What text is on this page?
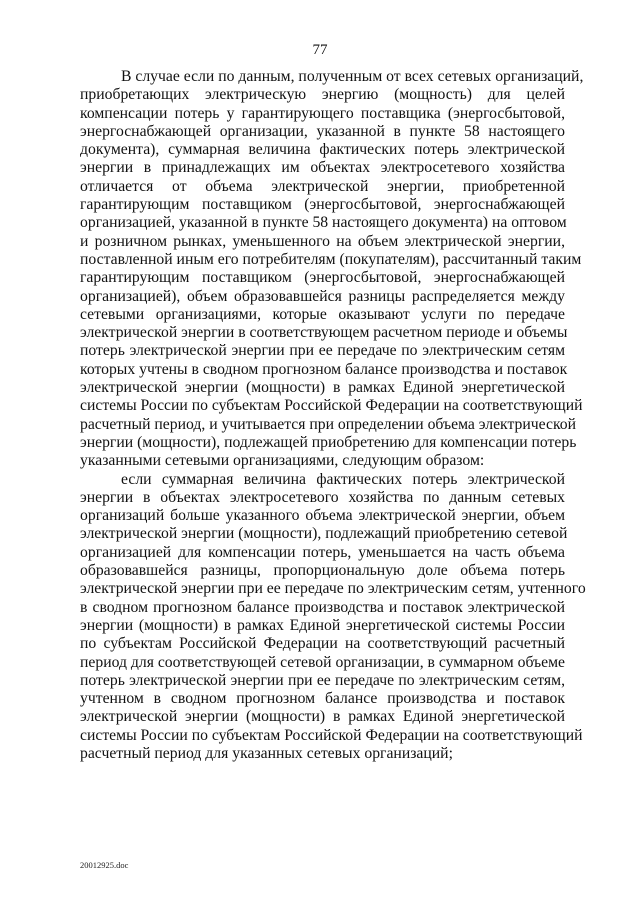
77

В случае если по данным, полученным от всех сетевых организаций,
приобретающих электрическую энергию (мощность) для целей
компенсации потерь у гарантирующего поставщика (энергосбытовой,
энергоснабжающей организации, указанной в пункте 58 настоящего
документа), суммарная величина фактических потерь электрической
энергии в принадлежащих им объектах электросетевого хозяйства
отличается от объема электрической энергии, приобретенной
гарантирующим поставщиком (энергосбытовой, энергоснабжающей
организацией, указанной в пункте 58 настоящего документа) на оптовом
и розничном рынках, уменьшенного на объем электрической энергии,
поставленной иным его потребителям (покупателям), рассчитанный таким
гарантирующим поставщиком (энергосбытовой, энергоснабжающей
организацией), объем образовавшейся разницы распределяется между
сетевыми организациями, которые оказывают услуги по передаче
электрической энергии в соответствующем расчетном периоде и объемы
потерь электрической энергии при ее передаче по электрическим сетям
которых учтены в сводном прогнозном балансе производства и поставок
электрической энергии (мощности) в рамках Единой энергетической
системы России по субъектам Российской Федерации на соответствующий
расчетный период, и учитывается при определении объема электрической
энергии (мощности), подлежащей приобретению для компенсации потерь
указанными сетевыми организациями, следующим образом:

если суммарная величина фактических потерь электрической
энергии в объектах электросетевого хозяйства по данным сетевых
организаций больше указанного объема электрической энергии, объем
электрической энергии (мощности), подлежащий приобретению сетевой
организацией для компенсации потерь, уменьшается на часть объема
образовавшейся разницы, пропорциональную доле объема потерь
электрической энергии при ее передаче по электрическим сетям, учтенного
в сводном прогнозном балансе производства и поставок электрической
энергии (мощности) в рамках Единой энергетической системы России
по субъектам Российской Федерации на соответствующий расчетный
период для соответствующей сетевой организации, в суммарном объеме
потерь электрической энергии при ее передаче по электрическим сетям,
учтенном в сводном прогнозном балансе производства и поставок
электрической энергии (мощности) в рамках Единой энергетической
системы России по субъектам Российской Федерации на соответствующий
расчетный период для указанных сетевых организаций;

20012925.doc
